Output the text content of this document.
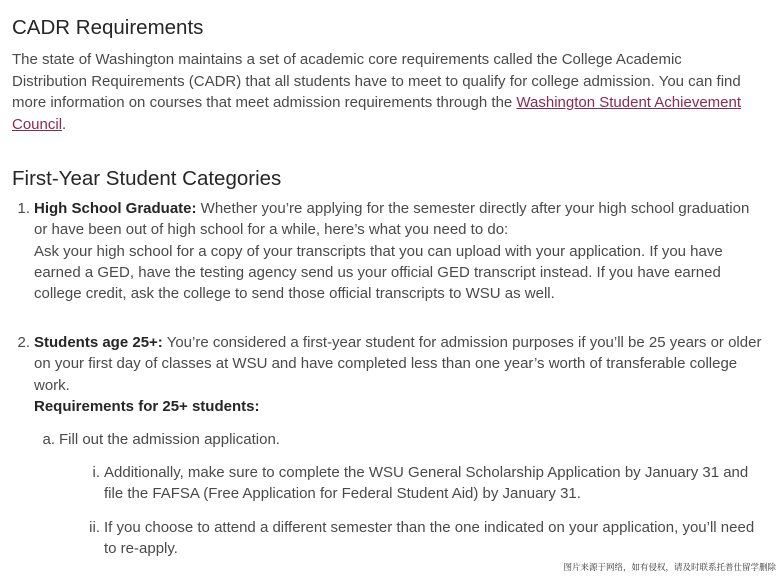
CADR Requirements

The state of Washington maintains a set of academic core requirements called the College Academic Distribution Requirements (CADR) that all students have to meet to qualify for college admission. You can find more information on courses that meet admission requirements through the Washington Student Achievement Council.

First-Year Student Categories
1. High School Graduate: Whether you’re applying for the semester directly after your high school graduation or have been out of high school for a while, here’s what you need to do:
Ask your high school for a copy of your transcripts that you can upload with your application. If you have earned a GED, have the testing agency send us your official GED transcript instead. If you have earned college credit, ask the college to send those official transcripts to WSU as well.
2. Students age 25+: You’re considered a first-year student for admission purposes if you’ll be 25 years or older on your first day of classes at WSU and have completed less than one year’s worth of transferable college work.
Requirements for 25+ students:
a. Fill out the admission application.
i. Additionally, make sure to complete the WSU General Scholarship Application by January 31 and file the FAFSA (Free Application for Federal Student Aid) by January 31.
ii. If you choose to attend a different semester than the one indicated on your application, you’ll need to re-apply.
图片来源于网络，如有侵权，请及时联系托普仕留学删除
